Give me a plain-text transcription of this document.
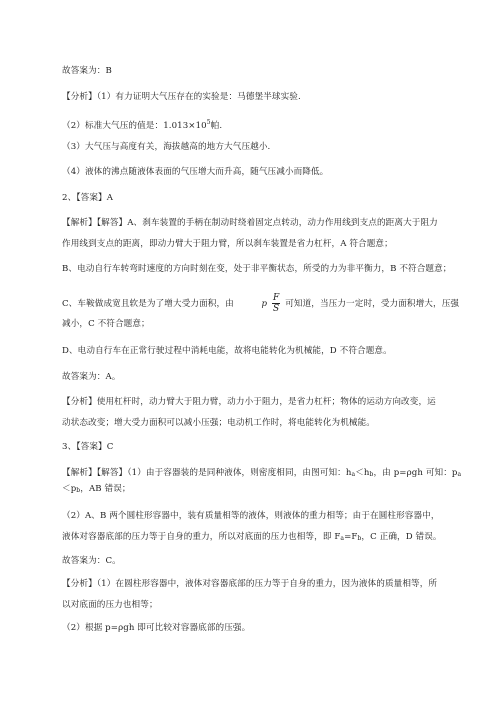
故答案为：B
【分析】（1）有力证明大气压存在的实验是：马德堡半球实验.
（2）标准大气压的值是：$1.013\times 10^5$帕.
（3）大气压与高度有关，海拔越高的地方大气压越小.
（4）液体的沸点随液体表面的气压增大而升高，随气压减小而降低。
2、【答案】A
【解析】【解答】A、刹车装置的手柄在制动时绕着固定点转动，动力作用线到支点的距离大于阻力作用线到支点的距离，即动力臂大于阻力臂，所以刹车装置是省力杠杆，A 符合题意；
B、电动自行车转弯时速度的方向时刻在变，处于非平衡状态，所受的力为非平衡力，B 不符合题意；
C、车鞍做成宽且软是为了增大受力面积，由	p $\frac{F}{S}$ 可知道，当压力一定时，受力面积增大，压强
减小，C 不符合题意；
D、电动自行车在正常行驶过程中消耗电能，故将电能转化为机械能，D 不符合题意。
故答案为：A。
【分析】使用杠杆时，动力臂大于阻力臂，动力小于阻力，是省力杠杆；物体的运动方向改变，运动状态改变；增大受力面积可以减小压强；电动机工作时，将电能转化为机械能。
3、【答案】C
【解析】【解答】（1）由于容器装的是同种液体，则密度相同，由图可知：ha＜hb，由 p=ρgh 可知：pa
＜pb，AB 错误；
（2）A、B 两个圆柱形容器中，装有质量相等的液体，则液体的重力相等；由于在圆柱形容器中，液体对容器底部的压力等于自身的重力，所以对底面的压力也相等，即 Fa=Fb，C 正确，D 错误。
故答案为：C。
【分析】（1）在圆柱形容器中，液体对容器底部的压力等于自身的重力，因为液体的质量相等，所以对底面的压力也相等；
（2）根据 p=ρgh 即可比较对容器底部的压强。
